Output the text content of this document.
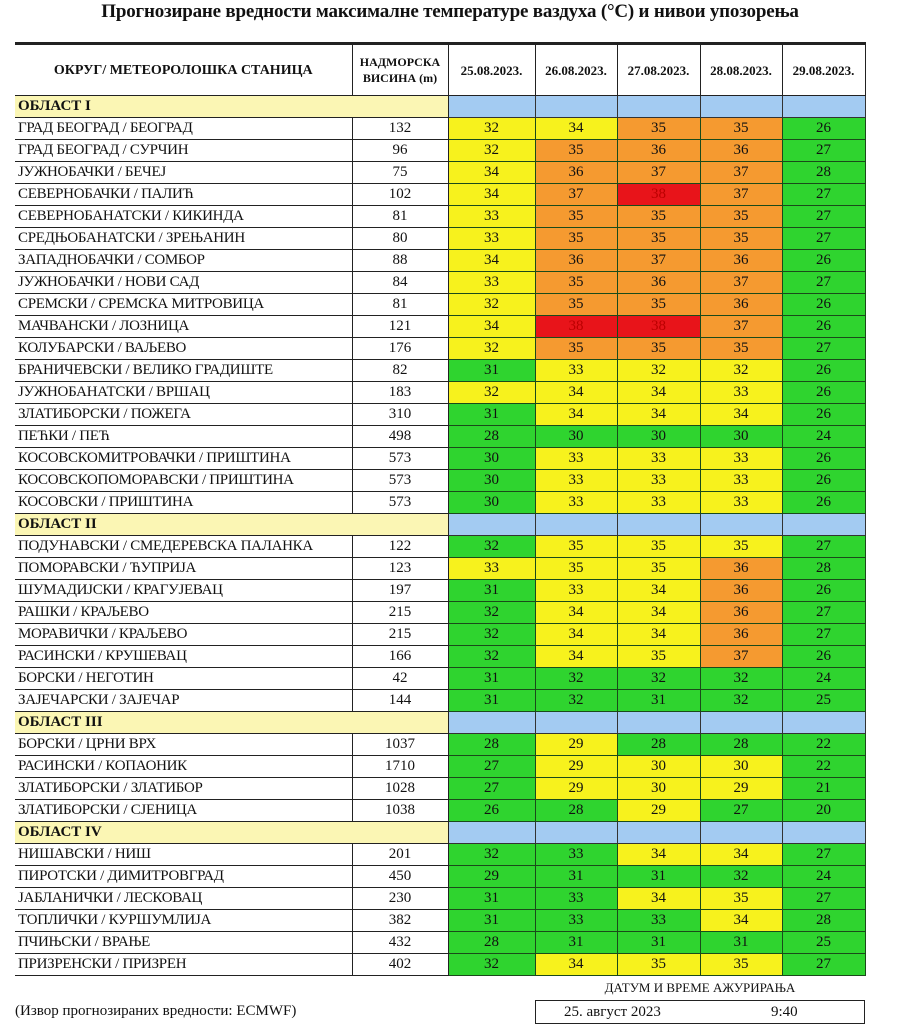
Прогнозиране вредности максималне температуре ваздуха (°C) и нивои упозорења
ОКРУГ/ МЕТЕОРОЛОШКА СТАНИЦА	НАДМОРСКА
ВИСИНА (m)	25.08.2023.	26.08.2023.	27.08.2023.	28.08.2023.	29.08.2023.
ОБЛАСТ I						
ГРАД БЕОГРАД / БЕОГРАД	132	32	34	35	35	26
ГРАД БЕОГРАД / СУРЧИН	96	32	35	36	36	27
ЈУЖНОБАЧКИ / БЕЧЕЈ	75	34	36	37	37	28
СЕВЕРНОБАЧКИ / ПАЛИЋ	102	34	37	38	37	27
СЕВЕРНОБАНАТСКИ / КИКИНДА	81	33	35	35	35	27
СРЕДЊОБАНАТСКИ / ЗРЕЊАНИН	80	33	35	35	35	27
ЗАПАДНОБАЧКИ / СОМБОР	88	34	36	37	36	26
ЈУЖНОБАЧКИ / НОВИ САД	84	33	35	36	37	27
СРЕМСКИ / СРЕМСКА МИТРОВИЦА	81	32	35	35	36	26
МАЧВАНСКИ / ЛОЗНИЦА	121	34	38	38	37	26
КОЛУБАРСКИ / ВАЉЕВО	176	32	35	35	35	27
БРАНИЧЕВСКИ / ВЕЛИКО ГРАДИШТЕ	82	31	33	32	32	26
ЈУЖНОБАНАТСКИ / ВРШАЦ	183	32	34	34	33	26
ЗЛАТИБОРСКИ / ПОЖЕГА	310	31	34	34	34	26
ПЕЋКИ / ПЕЋ	498	28	30	30	30	24
КОСОВСКОМИТРОВАЧКИ / ПРИШТИНА	573	30	33	33	33	26
КОСОВСКОПОМОРАВСКИ / ПРИШТИНА	573	30	33	33	33	26
КОСОВСКИ / ПРИШТИНА	573	30	33	33	33	26
ОБЛАСТ II						
ПОДУНАВСКИ / СМЕДЕРЕВСКА ПАЛАНКА	122	32	35	35	35	27
ПОМОРАВСКИ / ЋУПРИЈА	123	33	35	35	36	28
ШУМАДИЈСКИ / КРАГУЈЕВАЦ	197	31	33	34	36	26
РАШКИ / КРАЉЕВО	215	32	34	34	36	27
МОРАВИЧКИ / КРАЉЕВО	215	32	34	34	36	27
РАСИНСКИ / КРУШЕВАЦ	166	32	34	35	37	26
БОРСКИ / НЕГОТИН	42	31	32	32	32	24
ЗАЈЕЧАРСКИ / ЗАЈЕЧАР	144	31	32	31	32	25
ОБЛАСТ III						
БОРСКИ / ЦРНИ ВРХ	1037	28	29	28	28	22
РАСИНСКИ / КОПАОНИК	1710	27	29	30	30	22
ЗЛАТИБОРСКИ / ЗЛАТИБОР	1028	27	29	30	29	21
ЗЛАТИБОРСКИ / СЈЕНИЦА	1038	26	28	29	27	20
ОБЛАСТ IV						
НИШАВСКИ / НИШ	201	32	33	34	34	27
ПИРОТСКИ / ДИМИТРОВГРАД	450	29	31	31	32	24
ЈАБЛАНИЧКИ / ЛЕСКОВАЦ	230	31	33	34	35	27
ТОПЛИЧКИ / КУРШУМЛИЈА	382	31	33	33	34	28
ПЧИЊСКИ / ВРАЊЕ	432	28	31	31	31	25
ПРИЗРЕНСКИ / ПРИЗРЕН	402	32	34	35	35	27
(Извор прогнозираних вредности: ECMWF)
ДАТУМ И ВРЕМЕ АЖУРИРАЊА
25. август 2023	9:40
